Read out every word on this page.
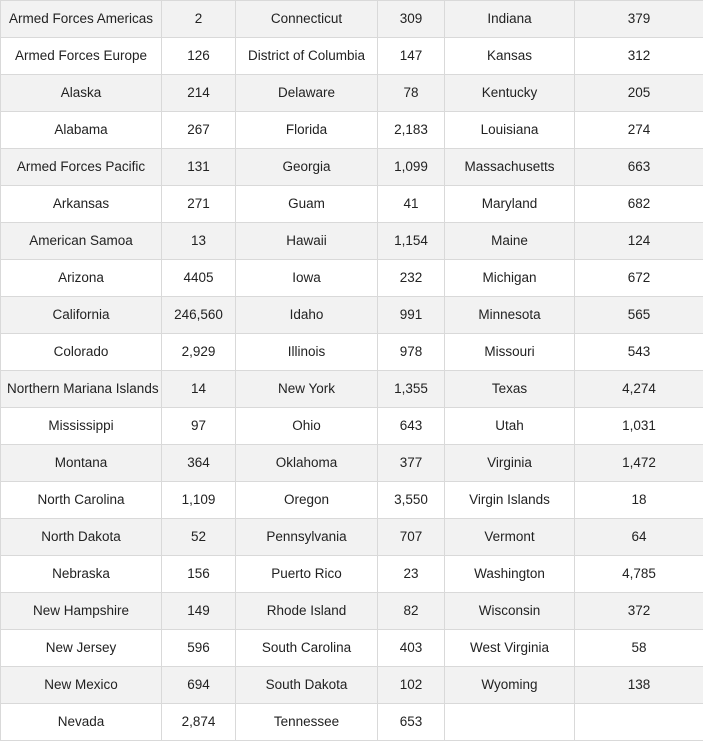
Armed Forces Americas	2	Connecticut	309	Indiana	379
Armed Forces Europe	126	District of Columbia	147	Kansas	312
Alaska	214	Delaware	78	Kentucky	205
Alabama	267	Florida	2,183	Louisiana	274
Armed Forces Pacific	131	Georgia	1,099	Massachusetts	663
Arkansas	271	Guam	41	Maryland	682
American Samoa	13	Hawaii	1,154	Maine	124
Arizona	4405	Iowa	232	Michigan	672
California	246,560	Idaho	991	Minnesota	565
Colorado	2,929	Illinois	978	Missouri	543
Northern Mariana Islands	14	New York	1,355	Texas	4,274
Mississippi	97	Ohio	643	Utah	1,031
Montana	364	Oklahoma	377	Virginia	1,472
North Carolina	1,109	Oregon	3,550	Virgin Islands	18
North Dakota	52	Pennsylvania	707	Vermont	64
Nebraska	156	Puerto Rico	23	Washington	4,785
New Hampshire	149	Rhode Island	82	Wisconsin	372
New Jersey	596	South Carolina	403	West Virginia	58
New Mexico	694	South Dakota	102	Wyoming	138
Nevada	2,874	Tennessee	653		
